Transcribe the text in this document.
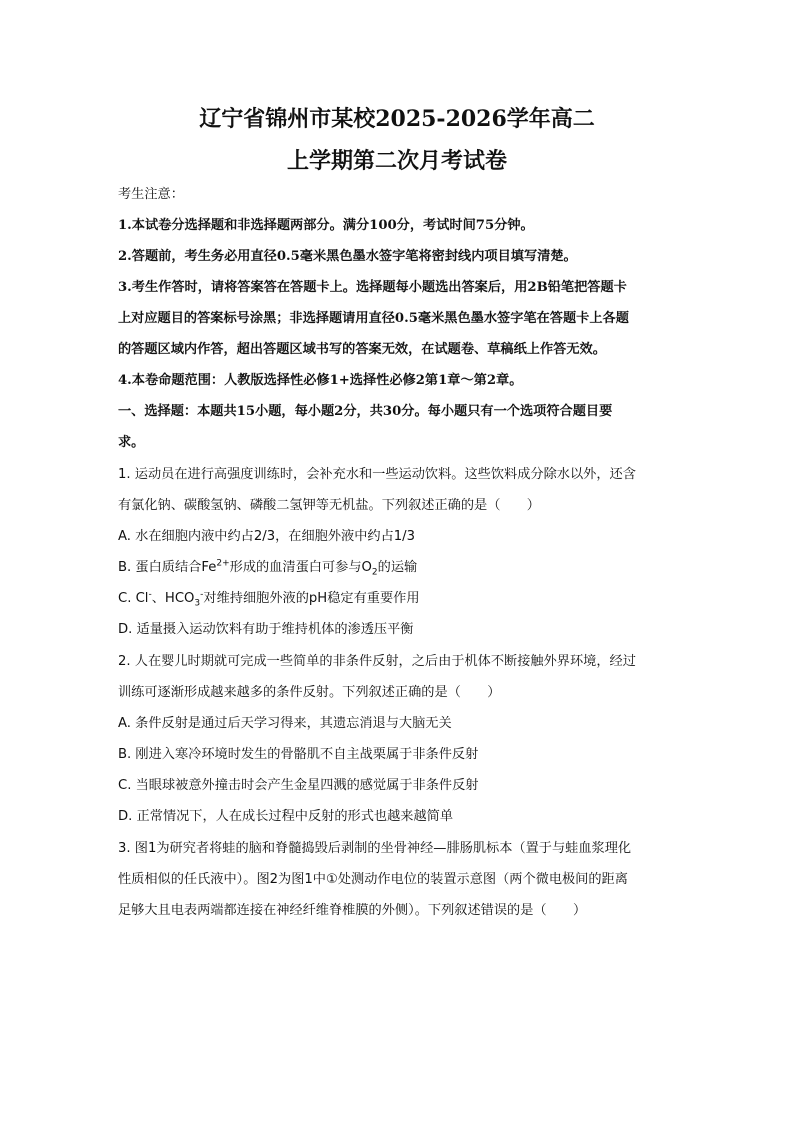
辽宁省锦州市某校2025-2026学年高二
上学期第二次月考试卷
考生注意：
1.本试卷分选择题和非选择题两部分。满分100分，考试时间75分钟。
2.答题前，考生务必用直径0.5毫米黑色墨水签字笔将密封线内项目填写清楚。
3.考生作答时，请将答案答在答题卡上。选择题每小题选出答案后，用2B铅笔把答题卡
上对应题目的答案标号涂黑；非选择题请用直径0.5毫米黑色墨水签字笔在答题卡上各题
的答题区域内作答，超出答题区域书写的答案无效，在试题卷、草稿纸上作答无效。
4.本卷命题范围：人教版选择性必修1+选择性必修2第1章～第2章。
一、选择题：本题共15小题，每小题2分，共30分。每小题只有一个选项符合题目要
求。
1. 运动员在进行高强度训练时，会补充水和一些运动饮料。这些饮料成分除水以外，还含
有氯化钠、碳酸氢钠、磷酸二氢钾等无机盐。下列叙述正确的是（　　）
A. 水在细胞内液中约占2/3，在细胞外液中约占1/3
B. 蛋白质结合$Fe^{2+}$形成的血清蛋白可参与$O_2$的运输
C. Cl-、$HCO_3^-$对维持细胞外液的pH稳定有重要作用
D. 适量摄入运动饮料有助于维持机体的渗透压平衡
2. 人在婴儿时期就可完成一些简单的非条件反射，之后由于机体不断接触外界环境，经过
训练可逐渐形成越来越多的条件反射。下列叙述正确的是（　　）
A. 条件反射是通过后天学习得来，其遗忘消退与大脑无关
B. 刚进入寒冷环境时发生的骨骼肌不自主战栗属于非条件反射
C. 当眼球被意外撞击时会产生金星四溅的感觉属于非条件反射
D. 正常情况下，人在成长过程中反射的形式也越来越简单
3. 图1为研究者将蛙的脑和脊髓捣毁后剥制的坐骨神经—腓肠肌标本（置于与蛙血浆理化
性质相似的任氏液中）。图2为图1中①处测动作电位的装置示意图（两个微电极间的距离
足够大且电表两端都连接在神经纤维脊椎膜的外侧）。下列叙述错误的是（　　）
